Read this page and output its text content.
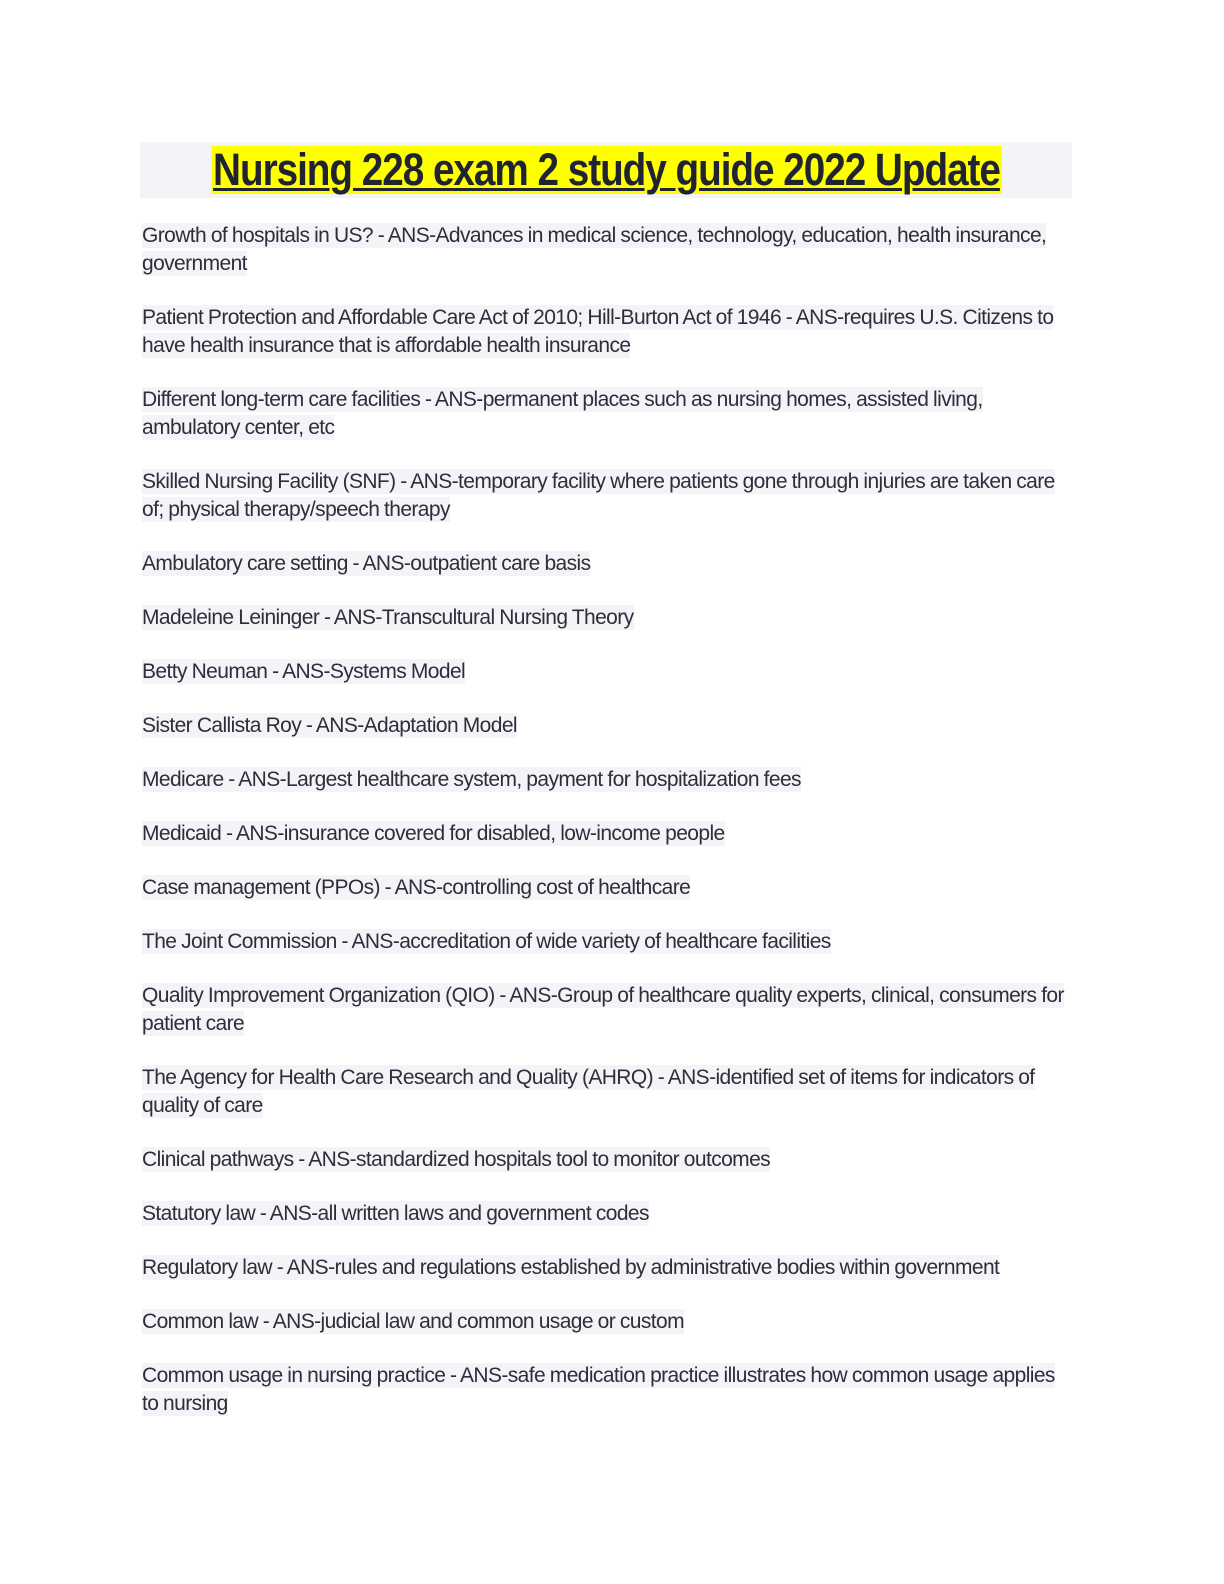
Nursing 228 exam 2 study guide 2022 Update

Growth of hospitals in US? - ANS-Advances in medical science, technology, education, health insurance, government

Patient Protection and Affordable Care Act of 2010; Hill-Burton Act of 1946 - ANS-requires U.S. Citizens to have health insurance that is affordable health insurance

Different long-term care facilities - ANS-permanent places such as nursing homes, assisted living, ambulatory center, etc

Skilled Nursing Facility (SNF) - ANS-temporary facility where patients gone through injuries are taken care of; physical therapy/speech therapy

Ambulatory care setting - ANS-outpatient care basis

Madeleine Leininger - ANS-Transcultural Nursing Theory

Betty Neuman - ANS-Systems Model

Sister Callista Roy - ANS-Adaptation Model

Medicare - ANS-Largest healthcare system, payment for hospitalization fees

Medicaid - ANS-insurance covered for disabled, low-income people

Case management (PPOs) - ANS-controlling cost of healthcare

The Joint Commission - ANS-accreditation of wide variety of healthcare facilities

Quality Improvement Organization (QIO) - ANS-Group of healthcare quality experts, clinical, consumers for patient care

The Agency for Health Care Research and Quality (AHRQ) - ANS-identified set of items for indicators of quality of care

Clinical pathways - ANS-standardized hospitals tool to monitor outcomes

Statutory law - ANS-all written laws and government codes

Regulatory law - ANS-rules and regulations established by administrative bodies within government

Common law - ANS-judicial law and common usage or custom

Common usage in nursing practice - ANS-safe medication practice illustrates how common usage applies to nursing
